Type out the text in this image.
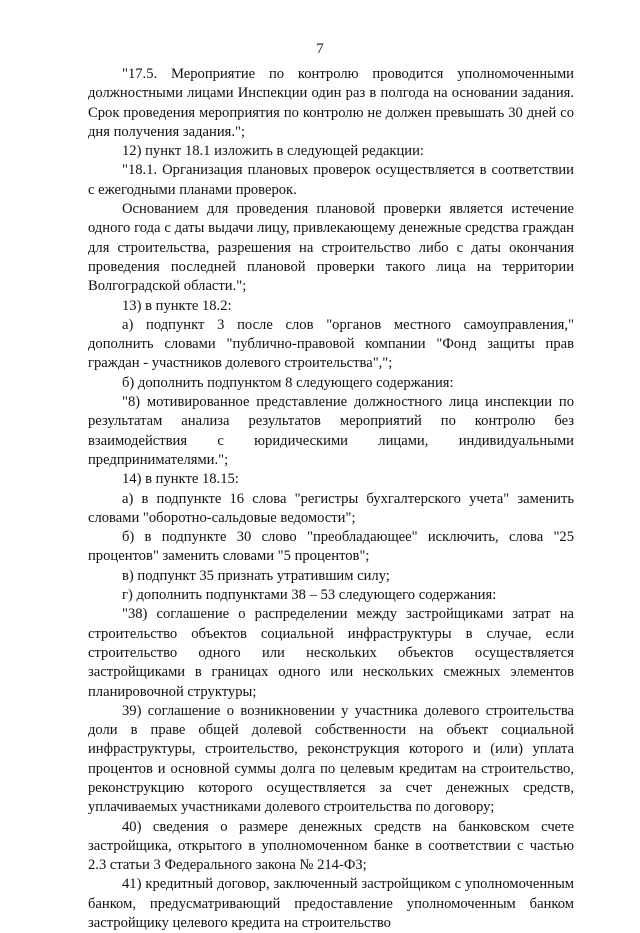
7

"17.5. Мероприятие по контролю проводится уполномоченными должностными лицами Инспекции один раз в полгода на основании задания. Срок проведения мероприятия по контролю не должен превышать 30 дней со дня получения задания.";

12) пункт 18.1 изложить в следующей редакции:

"18.1. Организация плановых проверок осуществляется в соответствии с ежегодными планами проверок.

Основанием для проведения плановой проверки является истечение одного года с даты выдачи лицу, привлекающему денежные средства граждан для строительства, разрешения на строительство либо с даты окончания проведения последней плановой проверки такого лица на территории Волгоградской области.";

13) в пункте 18.2:

а) подпункт 3 после слов "органов местного самоуправления," дополнить словами "публично-правовой компании "Фонд защиты прав граждан - участников долевого строительства",";

б) дополнить подпунктом 8 следующего содержания:

"8) мотивированное представление должностного лица инспекции по результатам анализа результатов мероприятий по контролю без взаимодействия с юридическими лицами, индивидуальными предпринимателями.";

14) в пункте 18.15:

а) в подпункте 16 слова "регистры бухгалтерского учета" заменить словами "оборотно-сальдовые ведомости";

б) в подпункте 30 слово "преобладающее" исключить, слова "25 процентов" заменить словами "5 процентов";

в) подпункт 35 признать утратившим силу;

г) дополнить подпунктами 38 – 53 следующего содержания:

"38) соглашение о распределении между застройщиками затрат на строительство объектов социальной инфраструктуры в случае, если строительство одного или нескольких объектов осуществляется застройщиками в границах одного или нескольких смежных элементов планировочной структуры;

39) соглашение о возникновении у участника долевого строительства доли в праве общей долевой собственности на объект социальной инфраструктуры, строительство, реконструкция которого и (или) уплата процентов и основной суммы долга по целевым кредитам на строительство, реконструкцию которого осуществляется за счет денежных средств, уплачиваемых участниками долевого строительства по договору;

40) сведения о размере денежных средств на банковском счете застройщика, открытого в уполномоченном банке в соответствии с частью 2.3 статьи 3 Федерального закона № 214-ФЗ;

41) кредитный договор, заключенный застройщиком с уполномоченным банком, предусматривающий предоставление уполномоченным банком застройщику целевого кредита на строительство
